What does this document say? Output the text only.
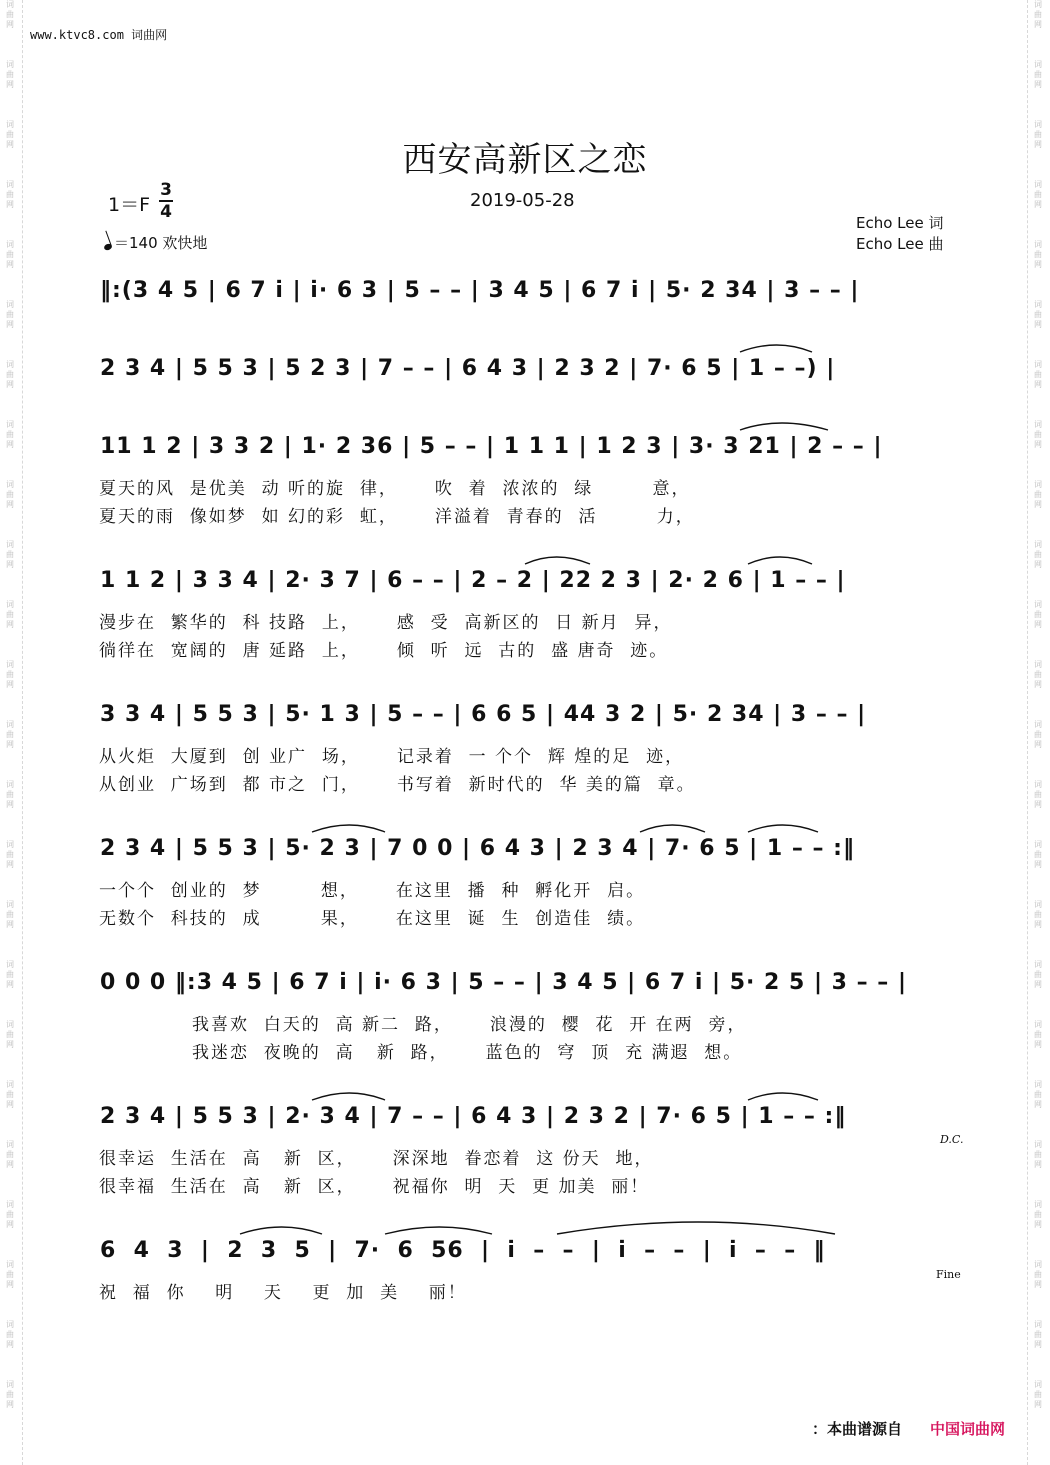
词
曲
网
词
曲
网
词
曲
网
词
曲
网
词
曲
网
词
曲
网
词
曲
网
词
曲
网
词
曲
网
词
曲
网
词
曲
网
词
曲
网
词
曲
网
词
曲
网
词
曲
网
词
曲
网
词
曲
网
词
曲
网
词
曲
网
词
曲
网
词
曲
网
词
曲
网
词
曲
网
词
曲
网
词
曲
网
词
曲
网
词
曲
网
词
曲
网
词
曲
网
词
曲
网
词
曲
网
词
曲
网
词
曲
网
词
曲
网
词
曲
网
词
曲
网
词
曲
网
词
曲
网
词
曲
网
词
曲
网
词
曲
网
词
曲
网
词
曲
网
词
曲
网
词
曲
网
词
曲
网
词
曲
网
词
曲
网
www.ktvc8.com 词曲网
西安高新区之恋
1＝F
3
4
2019-05-28
＝140 欢快地
Echo Lee 词
Echo Lee 曲
‖:(3 4 5 | 6 7 i̇ | i̇· 6 3 | 5 – – | 3 4 5 | 6 7 i̇ | 5· 2 34 | 3 – – |
2 3 4 | 5 5 3 | 5 2 3 | 7 – – | 6 4 3 | 2 3 2 | 7· 6 5 | 1 – –) |
11 1 2 | 3 3 2 | 1· 2 36 | 5 – – | 1 1 1 | 1 2 3 | 3· 3 21 | 2 – – |
夏天的风  是优美  动 听的旋  律，     吹  着  浓浓的  绿        意，
夏天的雨  像如梦  如 幻的彩  虹，     洋溢着  青春的  活        力，
1 1 2 | 3 3 4 | 2· 3 7 | 6 – – | 2 – 2 | 22 2 3 | 2· 2 6 | 1 – – |
漫步在  繁华的  科 技路  上，     感  受  高新区的  日 新月  异，
徜徉在  宽阔的  唐 延路  上，     倾  听  远  古的  盛 唐奇  迹。
3 3 4 | 5 5 3 | 5· 1 3 | 5 – – | 6 6 5 | 44 3 2 | 5· 2 34 | 3 – – |
从火炬  大厦到  创 业广  场，     记录着  一 个个  辉 煌的足  迹，
从创业  广场到  都 市之  门，     书写着  新时代的  华 美的篇  章。
2 3 4 | 5 5 3 | 5· 2 3 | 7 0 0 | 6 4 3 | 2 3 4 | 7· 6 5 | 1 – – :‖
一个个  创业的  梦        想，     在这里  播  种  孵化开  启。
无数个  科技的  成        果，     在这里  诞  生  创造佳  绩。
0 0 0 ‖:3 4 5 | 6 7 i̇ | i̇· 6 3 | 5 – – | 3 4 5 | 6 7 i̇ | 5· 2 5 | 3 – – |
我喜欢  白天的  高 新二  路，     浪漫的  樱  花  开 在两  旁，
我迷恋  夜晚的  高   新  路，     蓝色的  穹  顶  充 满遐  想。
2 3 4 | 5 5 3 | 2· 3 4 | 7 – – | 6 4 3 | 2 3 2 | 7· 6 5 | 1 – – :‖
D.C.
很幸运  生活在  高   新  区，     深深地  眷恋着  这 份天  地，
很幸福  生活在  高   新  区，     祝福你  明  天  更 加美  丽！
6  4  3  |  2  3  5  |  7·  6  56  |  i̇  –  –  |  i̇  –  –  |  i̇  –  –  ‖
Fine
祝  福  你    明    天    更  加  美    丽！
：本曲谱源自 中国词曲网
